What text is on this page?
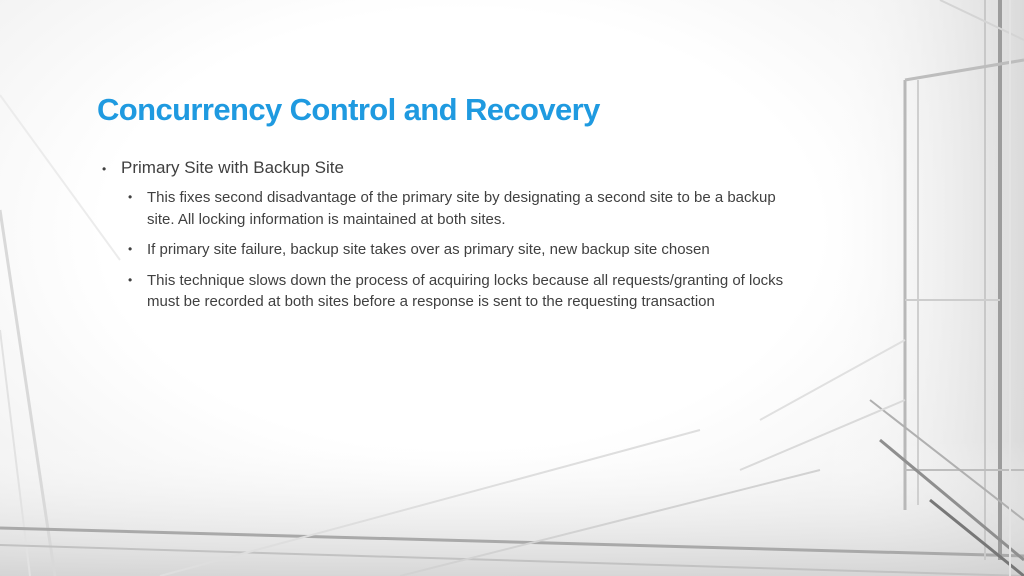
Concurrency Control and Recovery
• Primary Site with Backup Site
• This fixes second disadvantage of the primary site by designating a second site to be a backup site. All locking information is maintained at both sites.
• If primary site failure, backup site takes over as primary site, new backup site chosen
• This technique slows down the process of acquiring locks because all requests/granting of locks must be recorded at both sites before a response is sent to the requesting transaction
